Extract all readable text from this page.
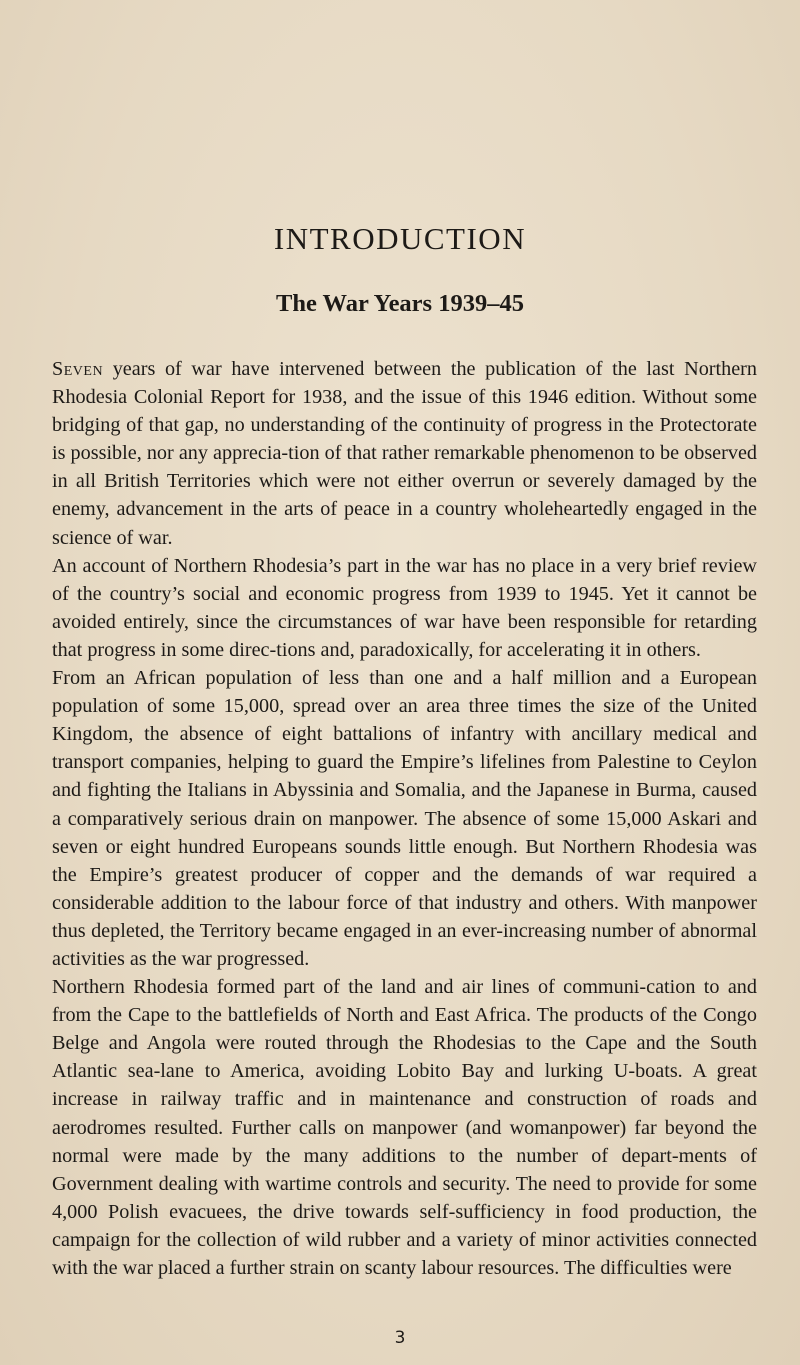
INTRODUCTION
The War Years 1939–45

Seven years of war have intervened between the publication of the last Northern Rhodesia Colonial Report for 1938, and the issue of this 1946 edition. Without some bridging of that gap, no understanding of the continuity of progress in the Protectorate is possible, nor any apprecia-tion of that rather remarkable phenomenon to be observed in all British Territories which were not either overrun or severely damaged by the enemy, advancement in the arts of peace in a country wholeheartedly engaged in the science of war.

An account of Northern Rhodesia’s part in the war has no place in a very brief review of the country’s social and economic progress from 1939 to 1945. Yet it cannot be avoided entirely, since the circumstances of war have been responsible for retarding that progress in some direc-tions and, paradoxically, for accelerating it in others.

From an African population of less than one and a half million and a European population of some 15,000, spread over an area three times the size of the United Kingdom, the absence of eight battalions of infantry with ancillary medical and transport companies, helping to guard the Empire’s lifelines from Palestine to Ceylon and fighting the Italians in Abyssinia and Somalia, and the Japanese in Burma, caused a comparatively serious drain on manpower. The absence of some 15,000 Askari and seven or eight hundred Europeans sounds little enough. But Northern Rhodesia was the Empire’s greatest producer of copper and the demands of war required a considerable addition to the labour force of that industry and others. With manpower thus depleted, the Territory became engaged in an ever-increasing number of abnormal activities as the war progressed.

Northern Rhodesia formed part of the land and air lines of communi-cation to and from the Cape to the battlefields of North and East Africa. The products of the Congo Belge and Angola were routed through the Rhodesias to the Cape and the South Atlantic sea-lane to America, avoiding Lobito Bay and lurking U-boats. A great increase in railway traffic and in maintenance and construction of roads and aerodromes resulted. Further calls on manpower (and womanpower) far beyond the normal were made by the many additions to the number of depart-ments of Government dealing with wartime controls and security. The need to provide for some 4,000 Polish evacuees, the drive towards self-sufficiency in food production, the campaign for the collection of wild rubber and a variety of minor activities connected with the war placed a further strain on scanty labour resources. The difficulties were

3
